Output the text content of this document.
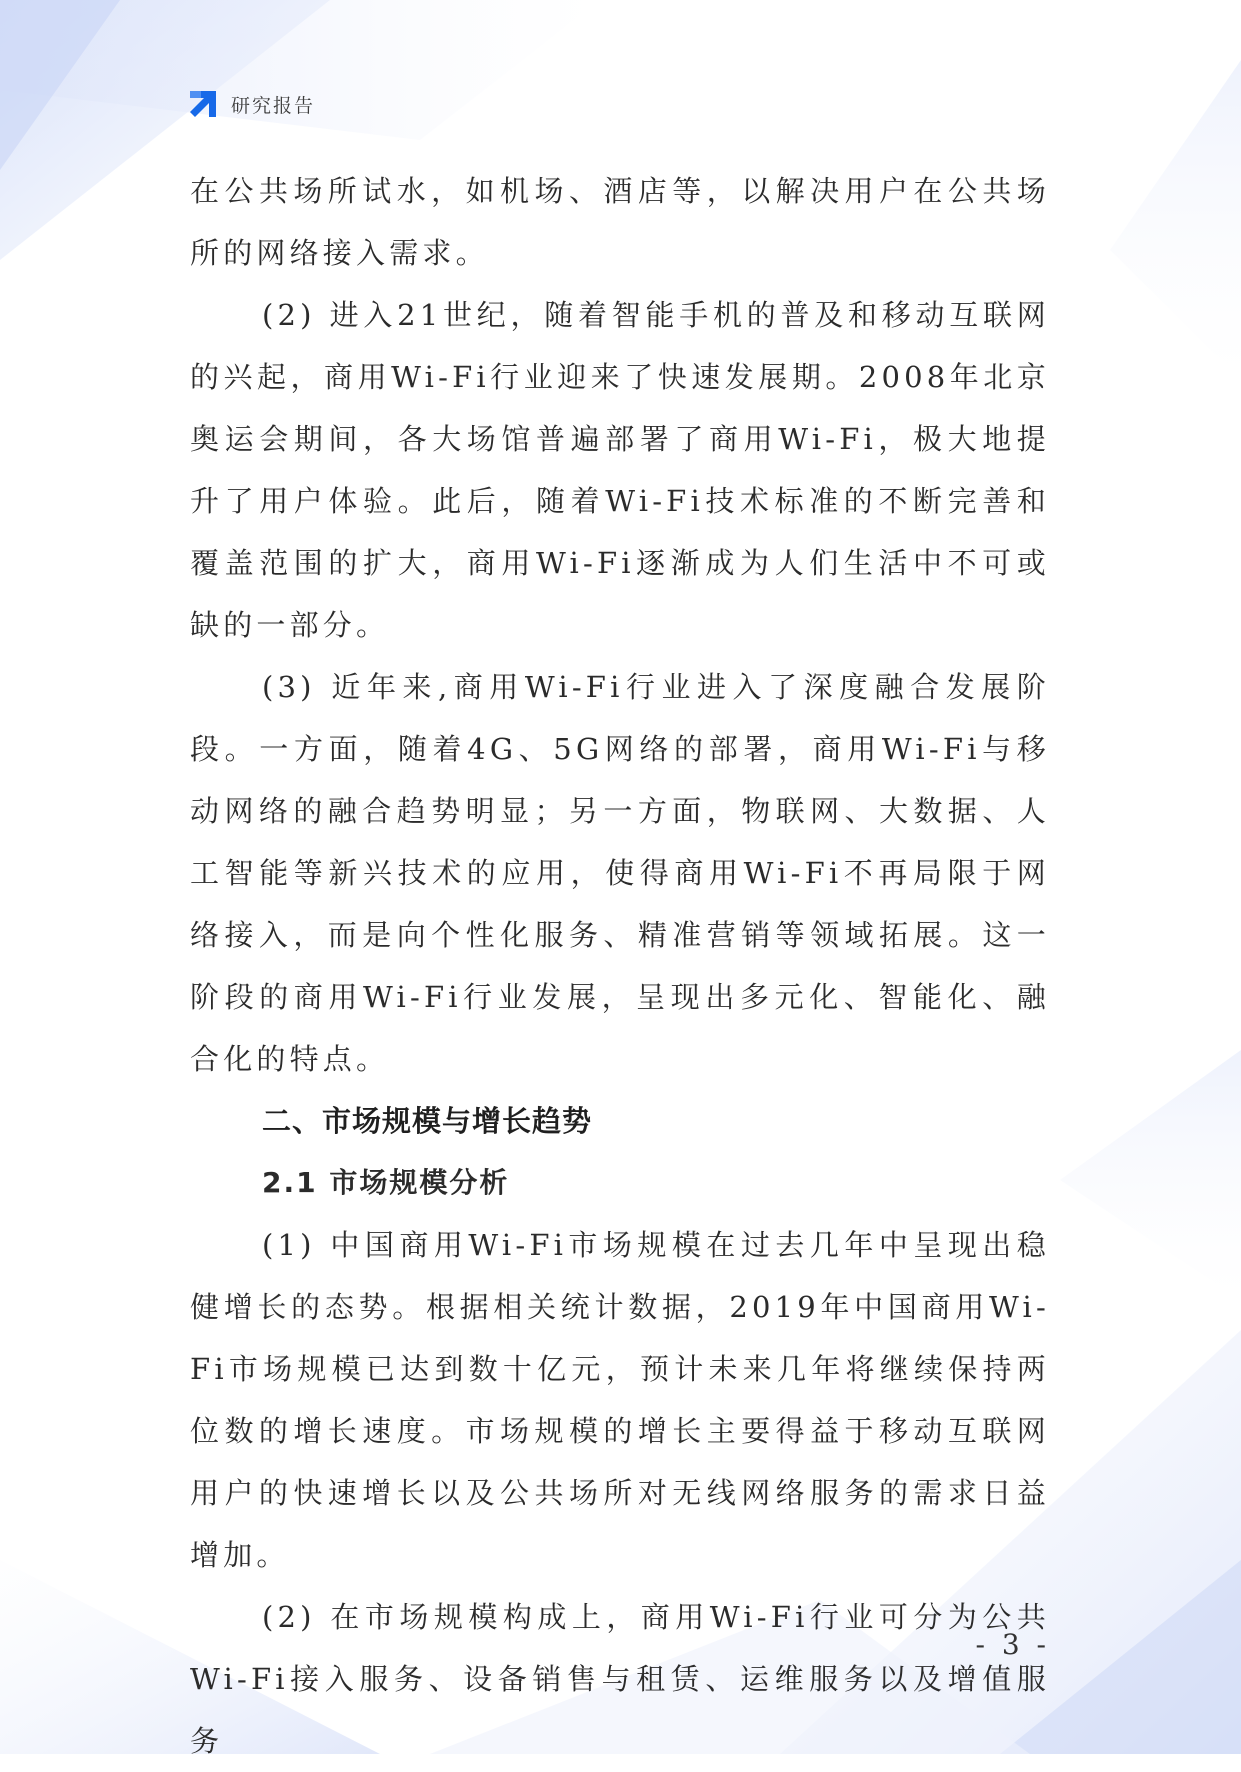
研究报告

在公共场所试水，如机场、酒店等，以解决用户在公共场所的网络接入需求。

(2) 进入21世纪，随着智能手机的普及和移动互联网的兴起，商用Wi-Fi行业迎来了快速发展期。2008年北京奥运会期间，各大场馆普遍部署了商用Wi-Fi，极大地提升了用户体验。此后，随着Wi-Fi技术标准的不断完善和覆盖范围的扩大，商用Wi-Fi逐渐成为人们生活中不可或缺的一部分。

(3) 近年来,商用Wi-Fi行业进入了深度融合发展阶段。一方面，随着4G、5G网络的部署，商用Wi-Fi与移动网络的融合趋势明显；另一方面，物联网、大数据、人工智能等新兴技术的应用，使得商用Wi-Fi不再局限于网络接入，而是向个性化服务、精准营销等领域拓展。这一阶段的商用Wi-Fi行业发展，呈现出多元化、智能化、融合化的特点。

二、市场规模与增长趋势
2.1 市场规模分析

(1) 中国商用Wi-Fi市场规模在过去几年中呈现出稳健增长的态势。根据相关统计数据，2019年中国商用Wi-Fi市场规模已达到数十亿元，预计未来几年将继续保持两位数的增长速度。市场规模的增长主要得益于移动互联网用户的快速增长以及公共场所对无线网络服务的需求日益增加。

(2) 在市场规模构成上，商用Wi-Fi行业可分为公共Wi-Fi接入服务、设备销售与租赁、运维服务以及增值服务

- 3 -
